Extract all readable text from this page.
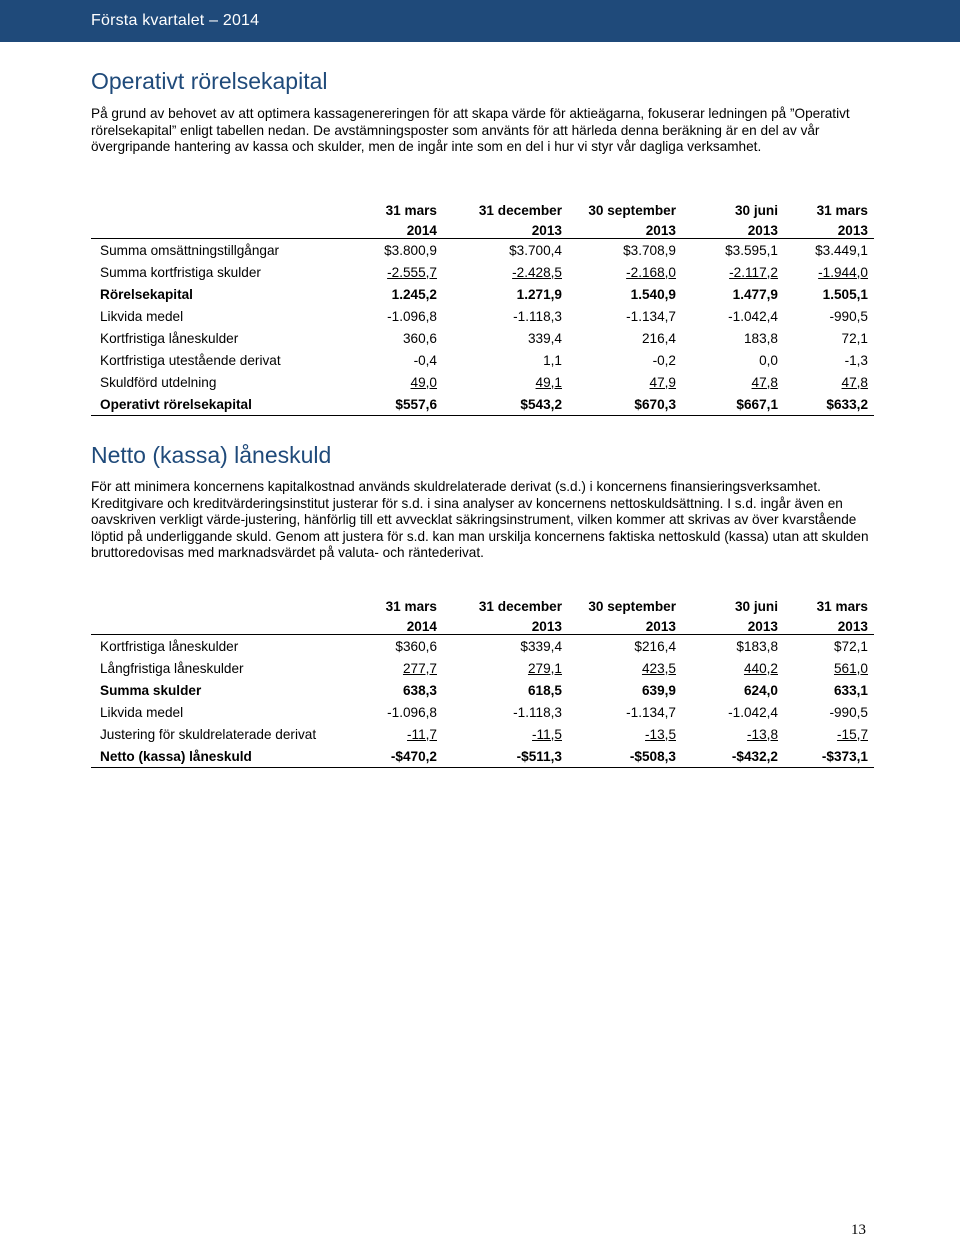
Första kvartalet – 2014
Operativt rörelsekapital

På grund av behovet av att optimera kassagenereringen för att skapa värde för aktieägarna, fokuserar ledningen på ”Operativt rörelsekapital” enligt tabellen nedan. De avstämningsposter som använts för att härleda denna beräkning är en del av vår övergripande hantering av kassa och skulder, men de ingår inte som en del i hur vi styr vår dagliga verksamhet.

	31 mars	31 december	30 september	30 juni	31 mars
	2014	2013	2013	2013	2013
Summa omsättningstillgångar	$3.800,9	$3.700,4	$3.708,9	$3.595,1	$3.449,1
Summa kortfristiga skulder	-2.555,7	-2.428,5	-2.168,0	-2.117,2	-1.944,0
Rörelsekapital	1.245,2	1.271,9	1.540,9	1.477,9	1.505,1
Likvida medel	-1.096,8	-1.118,3	-1.134,7	-1.042,4	-990,5
Kortfristiga låneskulder	360,6	339,4	216,4	183,8	72,1
Kortfristiga utestående derivat	-0,4	1,1	-0,2	0,0	-1,3
Skuldförd utdelning	49,0	49,1	47,9	47,8	47,8
Operativt rörelsekapital	$557,6	$543,2	$670,3	$667,1	$633,2
Netto (kassa) låneskuld

För att minimera koncernens kapitalkostnad används skuldrelaterade derivat (s.d.) i koncernens finansieringsverksamhet. Kreditgivare och kreditvärderingsinstitut justerar för s.d. i sina analyser av koncernens nettoskuldsättning. I s.d. ingår även en oavskriven verkligt värde-justering, hänförlig till ett avvecklat säkringsinstrument, vilken kommer att skrivas av över kvarstående löptid på underliggande skuld. Genom att justera för s.d. kan man urskilja koncernens faktiska nettoskuld (kassa) utan att skulden bruttoredovisas med marknadsvärdet på valuta- och räntederivat.

	31 mars	31 december	30 september	30 juni	31 mars
	2014	2013	2013	2013	2013
Kortfristiga låneskulder	$360,6	$339,4	$216,4	$183,8	$72,1
Långfristiga låneskulder	277,7	279,1	423,5	440,2	561,0
Summa skulder	638,3	618,5	639,9	624,0	633,1
Likvida medel	-1.096,8	-1.118,3	-1.134,7	-1.042,4	-990,5
Justering för skuldrelaterade derivat	-11,7	-11,5	-13,5	-13,8	-15,7
Netto (kassa) låneskuld	-$470,2	-$511,3	-$508,3	-$432,2	-$373,1
13
